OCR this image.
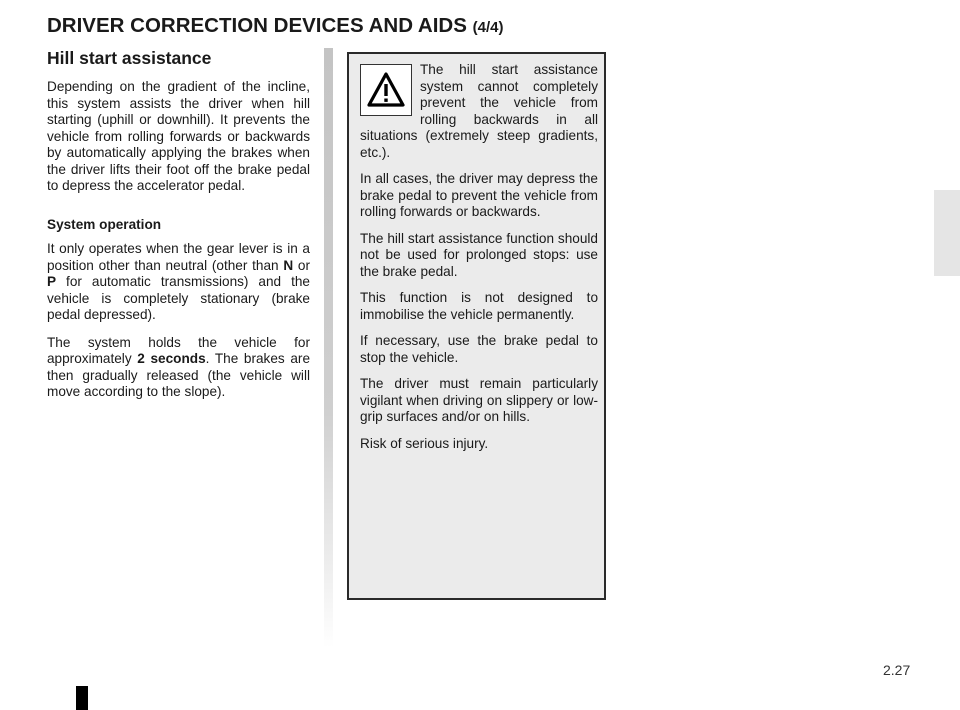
DRIVER CORRECTION DEVICES AND AIDS (4/4)
Hill start assistance

Depending on the gradient of the incline, this system assists the driver when hill starting (uphill or downhill). It prevents the vehicle from rolling forwards or backwards by automatically applying the brakes when the driver lifts their foot off the brake pedal to depress the accelerator pedal.

System operation

It only operates when the gear lever is in a position other than neutral (other than N or P for automatic transmissions) and the vehicle is completely stationary (brake pedal depressed).

The system holds the vehicle for approximately 2 seconds. The brakes are then gradually released (the vehicle will move according to the slope).

The hill start assistance system cannot completely prevent the vehicle from rolling backwards in all situations (extremely steep gradients, etc.).

In all cases, the driver may depress the brake pedal to prevent the vehicle from rolling forwards or backwards.

The hill start assistance function should not be used for prolonged stops: use the brake pedal.

This function is not designed to immobilise the vehicle permanently.

If necessary, use the brake pedal to stop the vehicle.

The driver must remain particularly vigilant when driving on slippery or low-grip surfaces and/or on hills.

Risk of serious injury.

2.27
